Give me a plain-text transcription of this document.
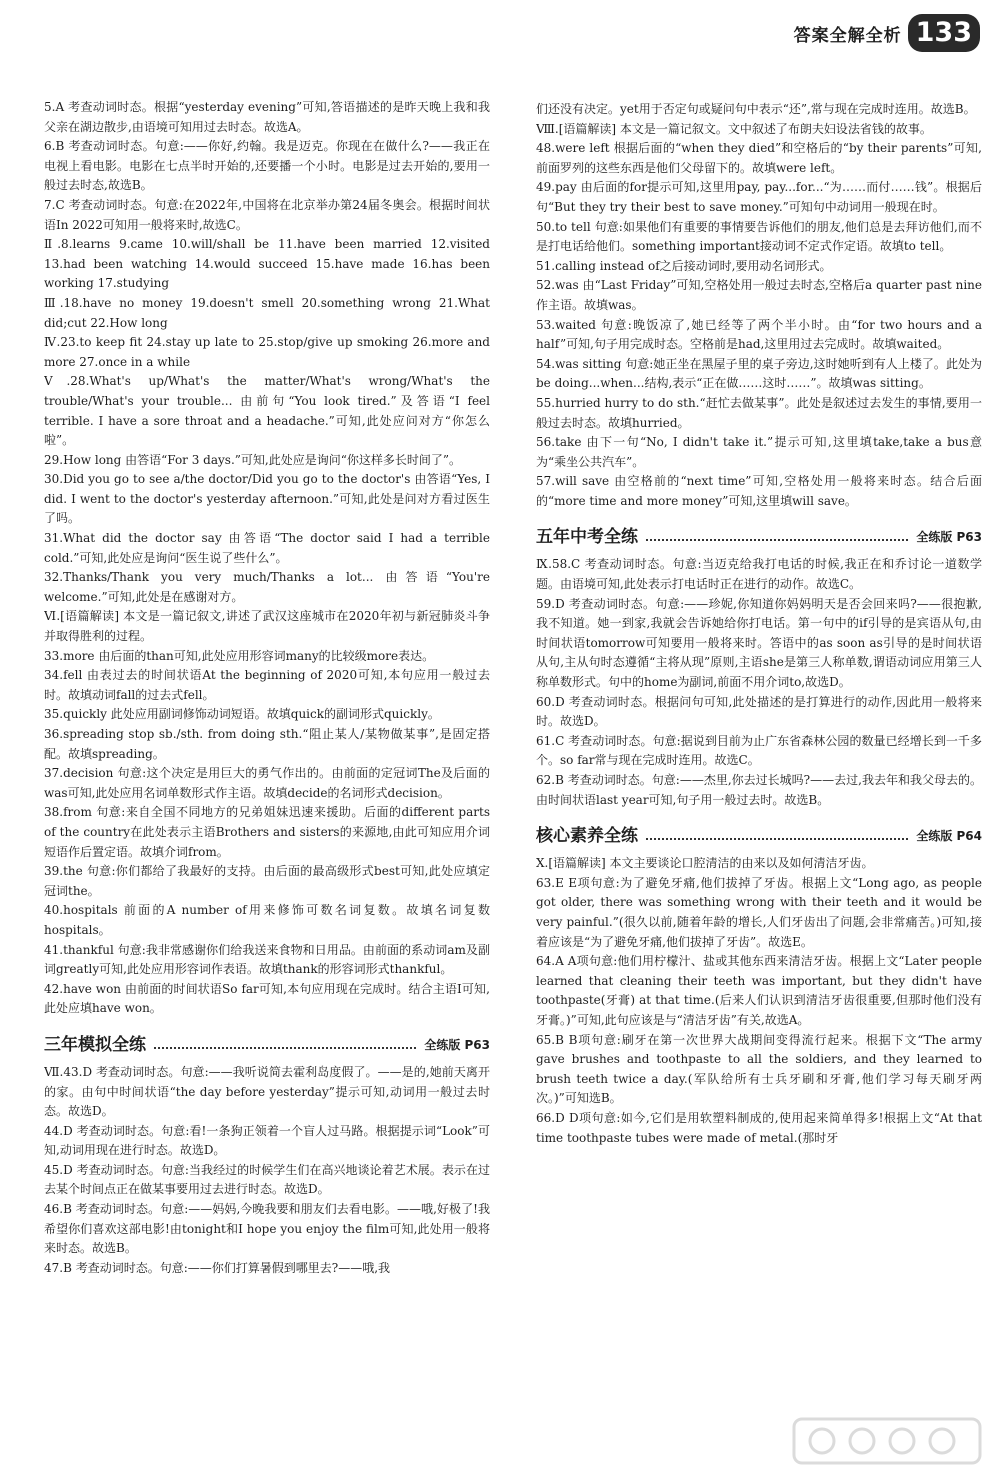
答案全解全析 133

5.A 考查动词时态。根据“yesterday evening”可知,答语描述的是昨天晚上我和我父亲在湖边散步,由语境可知用过去时态。故选A。

6.B 考查动词时态。句意:——你好,约翰。我是迈克。你现在在做什么?——我正在电视上看电影。电影在七点半时开始的,还要播一个小时。电影是过去开始的,要用一般过去时态,故选B。

7.C 考查动词时态。句意:在2022年,中国将在北京举办第24届冬奥会。根据时间状语In 2022可知用一般将来时,故选C。

Ⅱ.8.learns 9.came 10.will/shall be 11.have been married 12.visited 13.had been watching 14.would succeed 15.have made 16.has been working 17.studying

Ⅲ.18.have no money 19.doesn't smell 20.something wrong 21.What did;cut 22.How long

Ⅳ.23.to keep fit 24.stay up late to 25.stop/give up smoking 26.more and more 27.once in a while

Ⅴ.28.What's up/What's the matter/What's wrong/What's the trouble/What's your trouble... 由前句“You look tired.”及答语“I feel terrible. I have a sore throat and a headache.”可知,此处应问对方“你怎么啦”。

29.How long 由答语“For 3 days.”可知,此处应是询问“你这样多长时间了”。

30.Did you go to see a/the doctor/Did you go to the doctor's 由答语“Yes, I did. I went to the doctor's yesterday afternoon.”可知,此处是问对方看过医生了吗。

31.What did the doctor say 由答语“The doctor said I had a terrible cold.”可知,此处应是询问“医生说了些什么”。

32.Thanks/Thank you very much/Thanks a lot... 由答语“You're welcome.”可知,此处是在感谢对方。

Ⅵ.[语篇解读] 本文是一篇记叙文,讲述了武汉这座城市在2020年初与新冠肺炎斗争并取得胜利的过程。

33.more 由后面的than可知,此处应用形容词many的比较级more表达。

34.fell 由表过去的时间状语At the beginning of 2020可知,本句应用一般过去时。故填动词fall的过去式fell。

35.quickly 此处应用副词修饰动词短语。故填quick的副词形式quickly。

36.spreading stop sb./sth. from doing sth.“阻止某人/某物做某事”,是固定搭配。故填spreading。

37.decision 句意:这个决定是用巨大的勇气作出的。由前面的定冠词The及后面的was可知,此处应用名词单数形式作主语。故填decide的名词形式decision。

38.from 句意:来自全国不同地方的兄弟姐妹迅速来援助。后面的different parts of the country在此处表示主语Brothers and sisters的来源地,由此可知应用介词短语作后置定语。故填介词from。

39.the 句意:你们都给了我最好的支持。由后面的最高级形式best可知,此处应填定冠词the。

40.hospitals 前面的A number of用来修饰可数名词复数。故填名词复数hospitals。

41.thankful 句意:我非常感谢你们给我送来食物和日用品。由前面的系动词am及副词greatly可知,此处应用形容词作表语。故填thank的形容词形式thankful。

42.have won 由前面的时间状语So far可知,本句应用现在完成时。结合主语I可知,此处应填have won。

三年模拟全练	全练版 P63

Ⅶ.43.D 考查动词时态。句意:——我听说简去霍利岛度假了。——是的,她前天离开的家。由句中时间状语“the day before yesterday”提示可知,动词用一般过去时态。故选D。

44.D 考查动词时态。句意:看!一条狗正领着一个盲人过马路。根据提示词“Look”可知,动词用现在进行时态。故选D。

45.D 考查动词时态。句意:当我经过的时候学生们在高兴地谈论着艺术展。表示在过去某个时间点正在做某事要用过去进行时态。故选D。

46.B 考查动词时态。句意:——妈妈,今晚我要和朋友们去看电影。——哦,好极了!我希望你们喜欢这部电影!由tonight和I hope you enjoy the film可知,此处用一般将来时态。故选B。

47.B 考查动词时态。句意:——你们打算暑假到哪里去?——哦,我

们还没有决定。yet用于否定句或疑问句中表示“还”,常与现在完成时连用。故选B。

Ⅷ.[语篇解读] 本文是一篇记叙文。文中叙述了布朗夫妇设法省钱的故事。

48.were left 根据后面的“when they died”和空格后的“by their parents”可知,前面罗列的这些东西是他们父母留下的。故填were left。

49.pay 由后面的for提示可知,这里用pay, pay...for...“为……而付……钱”。根据后句“But they try their best to save money.”可知句中动词用一般现在时。

50.to tell 句意:如果他们有重要的事情要告诉他们的朋友,他们总是去拜访他们,而不是打电话给他们。something important接动词不定式作定语。故填to tell。

51.calling instead of之后接动词时,要用动名词形式。

52.was 由“Last Friday”可知,空格处用一般过去时态,空格后a quarter past nine作主语。故填was。

53.waited 句意:晚饭凉了,她已经等了两个半小时。由“for two hours and a half”可知,句子用完成时态。空格前是had,这里用过去完成时。故填waited。

54.was sitting 句意:她正坐在黑屋子里的桌子旁边,这时她听到有人上楼了。此处为be doing...when...结构,表示“正在做……这时……”。故填was sitting。

55.hurried hurry to do sth.“赶忙去做某事”。此处是叙述过去发生的事情,要用一般过去时态。故填hurried。

56.take 由下一句“No, I didn't take it.”提示可知,这里填take,take a bus意为“乘坐公共汽车”。

57.will save 由空格前的“next time”可知,空格处用一般将来时态。结合后面的“more time and more money”可知,这里填will save。

五年中考全练	全练版 P63

Ⅸ.58.C 考查动词时态。句意:当迈克给我打电话的时候,我正在和乔讨论一道数学题。由语境可知,此处表示打电话时正在进行的动作。故选C。

59.D 考查动词时态。句意:——珍妮,你知道你妈妈明天是否会回来吗?——很抱歉,我不知道。她一到家,我就会告诉她给你打电话。第一句中的if引导的是宾语从句,由时间状语tomorrow可知要用一般将来时。答语中的as soon as引导的是时间状语从句,主从句时态遵循“主将从现”原则,主语she是第三人称单数,谓语动词应用第三人称单数形式。句中的home为副词,前面不用介词to,故选D。

60.D 考查动词时态。根据问句可知,此处描述的是打算进行的动作,因此用一般将来时。故选D。

61.C 考查动词时态。句意:据说到目前为止广东省森林公园的数量已经增长到一千多个。so far常与现在完成时连用。故选C。

62.B 考查动词时态。句意:——杰里,你去过长城吗?——去过,我去年和我父母去的。由时间状语last year可知,句子用一般过去时。故选B。

核心素养全练	全练版 P64

Ⅹ.[语篇解读] 本文主要谈论口腔清洁的由来以及如何清洁牙齿。

63.E E项句意:为了避免牙痛,他们拔掉了牙齿。根据上文“Long ago, as people got older, there was something wrong with their teeth and it would be very painful.”(很久以前,随着年龄的增长,人们牙齿出了问题,会非常痛苦。)可知,接着应该是“为了避免牙痛,他们拔掉了牙齿”。故选E。

64.A A项句意:他们用柠檬汁、盐或其他东西来清洁牙齿。根据上文“Later people learned that cleaning their teeth was important, but they didn't have toothpaste(牙膏) at that time.(后来人们认识到清洁牙齿很重要,但那时他们没有牙膏。)”可知,此句应该是与“清洁牙齿”有关,故选A。

65.B B项句意:刷牙在第一次世界大战期间变得流行起来。根据下文“The army gave brushes and toothpaste to all the soldiers, and they learned to brush teeth twice a day.(军队给所有士兵牙刷和牙膏,他们学习每天刷牙两次。)”可知选B。

66.D D项句意:如今,它们是用软塑料制成的,使用起来简单得多!根据上文“At that time toothpaste tubes were made of metal.(那时牙
